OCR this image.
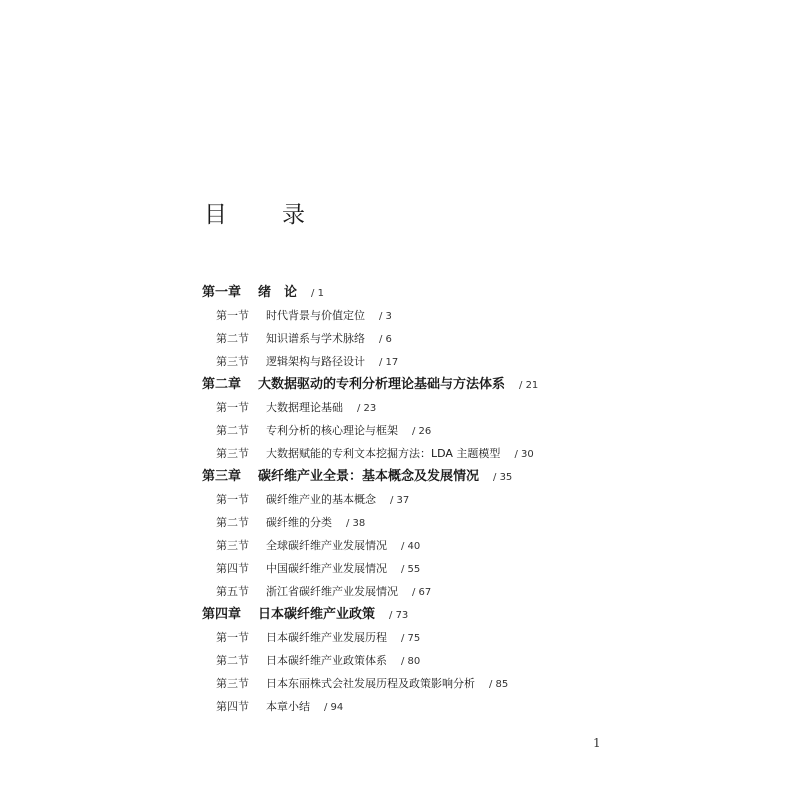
目　录
第一章	绪　论 / 1
第一节	时代背景与价值定位 / 3
第二节	知识谱系与学术脉络 / 6
第三节	逻辑架构与路径设计 / 17
第二章	大数据驱动的专利分析理论基础与方法体系 / 21
第一节	大数据理论基础 / 23
第二节	专利分析的核心理论与框架 / 26
第三节	大数据赋能的专利文本挖掘方法：LDA 主题模型 / 30
第三章	碳纤维产业全景：基本概念及发展情况 / 35
第一节	碳纤维产业的基本概念 / 37
第二节	碳纤维的分类 / 38
第三节	全球碳纤维产业发展情况 / 40
第四节	中国碳纤维产业发展情况 / 55
第五节	浙江省碳纤维产业发展情况 / 67
第四章	日本碳纤维产业政策 / 73
第一节	日本碳纤维产业发展历程 / 75
第二节	日本碳纤维产业政策体系 / 80
第三节	日本东丽株式会社发展历程及政策影响分析 / 85
第四节	本章小结 / 94
1
